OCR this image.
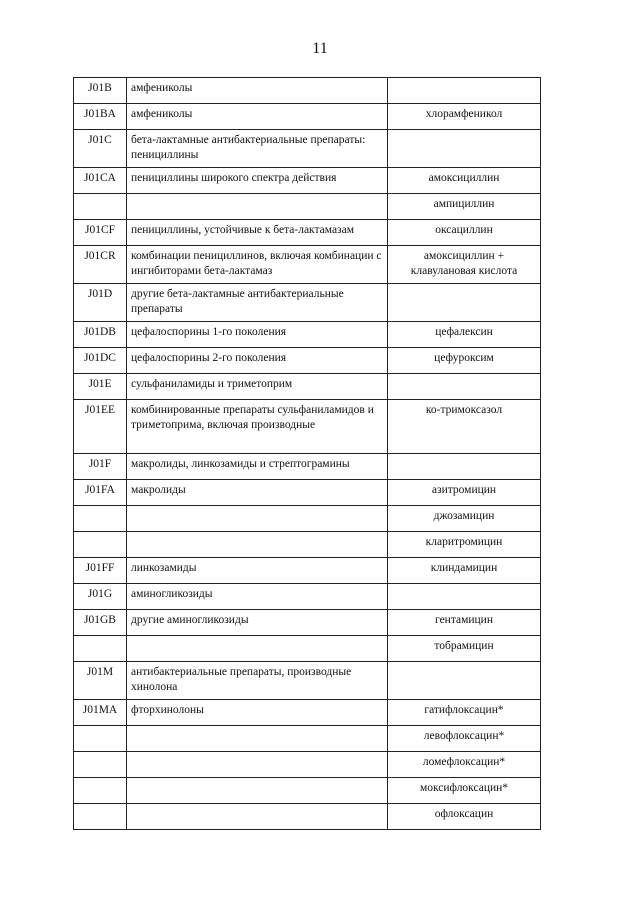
11
J01B	амфениколы	
J01BA	амфениколы	хлорамфеникол
J01C	бета-лактамные антибактериальные препараты: пенициллины	
J01CA	пенициллины широкого спектра действия	амоксициллин
		ампициллин
J01CF	пенициллины, устойчивые к бета-лактамазам	оксациллин
J01CR	комбинации пенициллинов, включая комбинации с ингибиторами бета-лактамаз	амоксициллин + клавулановая кислота
J01D	другие бета-лактамные антибактериальные препараты	
J01DB	цефалоспорины 1-го поколения	цефалексин
J01DC	цефалоспорины 2-го поколения	цефуроксим
J01E	сульфаниламиды и триметоприм	
J01EE	комбинированные препараты сульфаниламидов и триметоприма, включая производные	ко-тримоксазол
J01F	макролиды, линкозамиды и стрептограмины	
J01FA	макролиды	азитромицин
		джозамицин
		кларитромицин
J01FF	линкозамиды	клиндамицин
J01G	аминогликозиды	
J01GB	другие аминогликозиды	гентамицин
		тобрамицин
J01M	антибактериальные препараты, производные хинолона	
J01MA	фторхинолоны	гатифлоксацин*
		левофлоксацин*
		ломефлоксацин*
		моксифлоксацин*
		офлоксацин
